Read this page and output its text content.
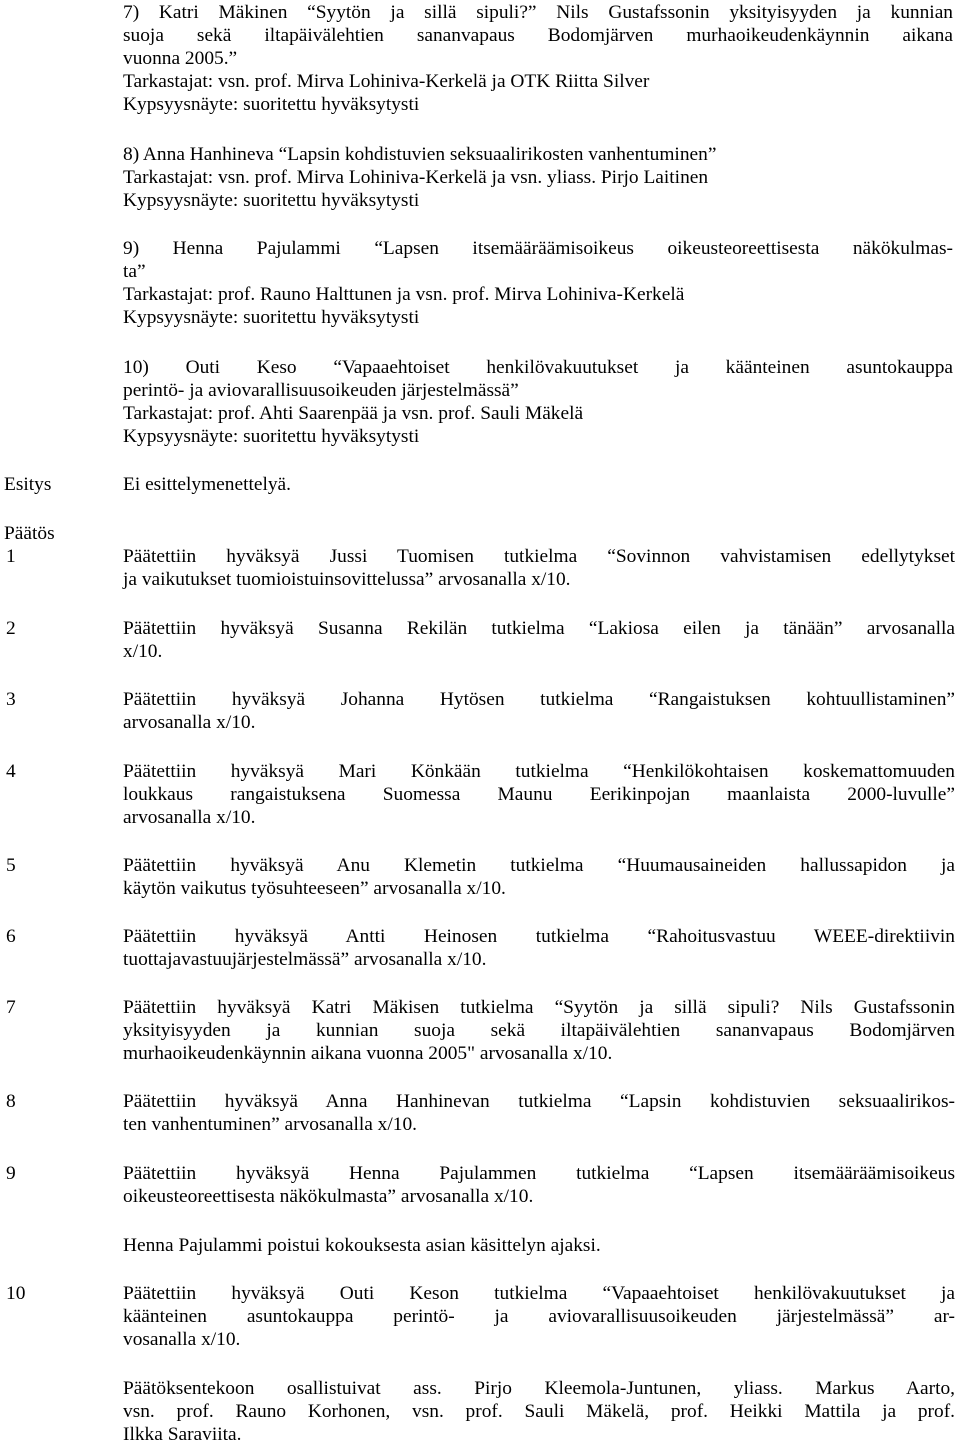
7) Katri Mäkinen “Syytön ja sillä sipuli?” Nils Gustafssonin yksityisyyden ja kunnian
suoja sekä iltapäivälehtien sananvapaus Bodomjärven murhaoikeudenkäynnin aikana
vuonna 2005.”
Tarkastajat: vsn. prof. Mirva Lohiniva-Kerkelä ja OTK Riitta Silver
Kypsyysnäyte: suoritettu hyväksytysti
8) Anna Hanhineva “Lapsin kohdistuvien seksuaalirikosten vanhentuminen”
Tarkastajat: vsn. prof. Mirva Lohiniva-Kerkelä ja vsn. yliass. Pirjo Laitinen
Kypsyysnäyte: suoritettu hyväksytysti
9) Henna Pajulammi “Lapsen itsemääräämisoikeus oikeusteoreettisesta näkökulmas-
ta”
Tarkastajat: prof. Rauno Halttunen ja vsn. prof. Mirva Lohiniva-Kerkelä
Kypsyysnäyte: suoritettu hyväksytysti
10) Outi Keso “Vapaaehtoiset henkilövakuutukset ja käänteinen asuntokauppa
perintö- ja aviovarallisuusoikeuden järjestelmässä”
Tarkastajat: prof. Ahti Saarenpää ja vsn. prof. Sauli Mäkelä
Kypsyysnäyte: suoritettu hyväksytysti
Esitys	Ei esittelymenettelyä.
Päätös
1	Päätettiin hyväksyä Jussi Tuomisen tutkielma “Sovinnon vahvistamisen edellytykset
ja vaikutukset tuomioistuinsovittelussa” arvosanalla x/10.
2	Päätettiin hyväksyä Susanna Rekilän tutkielma “Lakiosa eilen ja tänään” arvosanalla
x/10.
3	Päätettiin hyväksyä Johanna Hytösen tutkielma “Rangaistuksen kohtuullistaminen”
arvosanalla x/10.
4	Päätettiin hyväksyä Mari Könkään tutkielma “Henkilökohtaisen koskemattomuuden
loukkaus rangaistuksena Suomessa Maunu Eerikinpojan maanlaista 2000-luvulle”
arvosanalla x/10.
5	Päätettiin hyväksyä Anu Klemetin tutkielma “Huumausaineiden hallussapidon ja
käytön vaikutus työsuhteeseen” arvosanalla x/10.
6	Päätettiin hyväksyä Antti Heinosen tutkielma “Rahoitusvastuu WEEE-direktiivin
tuottajavastuujärjestelmässä” arvosanalla x/10.
7	Päätettiin hyväksyä Katri Mäkisen tutkielma “Syytön ja sillä sipuli? Nils Gustafssonin
yksityisyyden ja kunnian suoja sekä iltapäivälehtien sananvapaus Bodomjärven
murhaoikeudenkäynnin aikana vuonna 2005" arvosanalla x/10.
8	Päätettiin hyväksyä Anna Hanhinevan tutkielma “Lapsin kohdistuvien seksuaalirikos-
ten vanhentuminen” arvosanalla x/10.
9	Päätettiin hyväksyä Henna Pajulammen tutkielma “Lapsen itsemääräämisoikeus
oikeusteoreettisesta näkökulmasta” arvosanalla x/10.
Henna Pajulammi poistui kokouksesta asian käsittelyn ajaksi.
10	Päätettiin hyväksyä Outi Keson tutkielma “Vapaaehtoiset henkilövakuutukset ja
käänteinen asuntokauppa perintö- ja aviovarallisuusoikeuden järjestelmässä” ar-
vosanalla x/10.
Päätöksentekoon osallistuivat ass. Pirjo Kleemola-Juntunen, yliass. Markus Aarto,
vsn. prof. Rauno Korhonen, vsn. prof. Sauli Mäkelä, prof. Heikki Mattila ja prof.
Ilkka Saraviita.
